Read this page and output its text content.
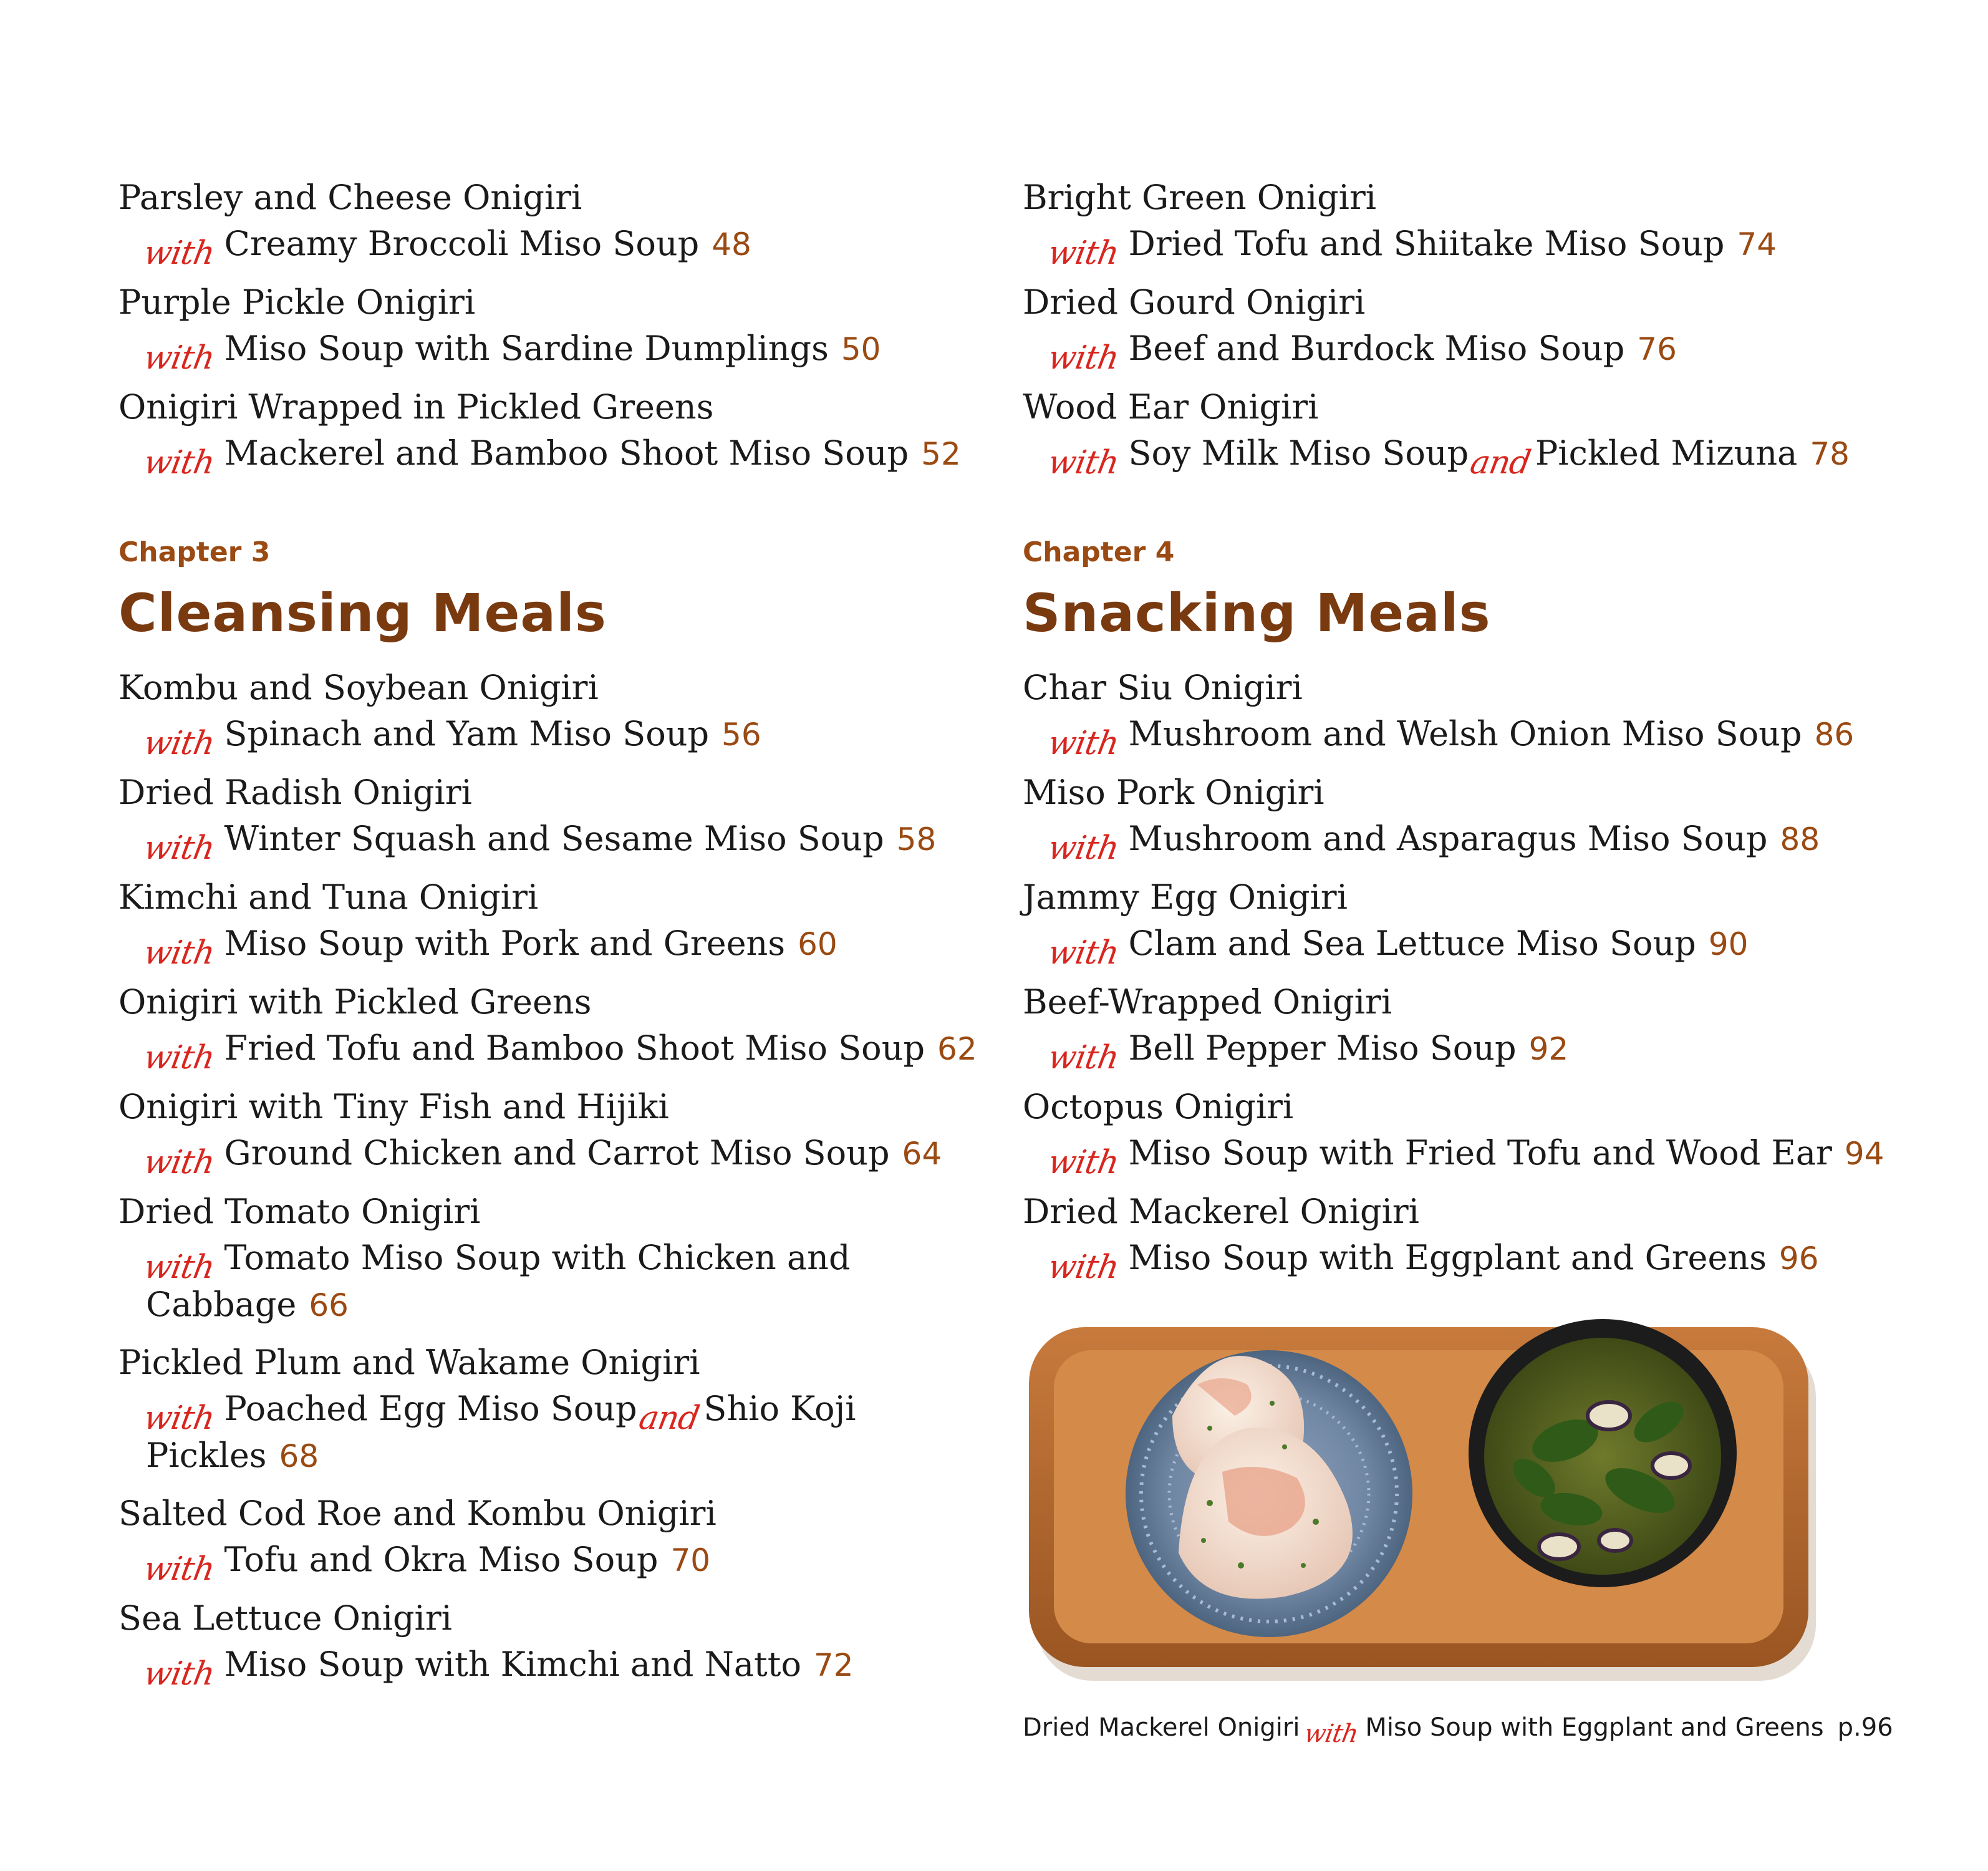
Parsley and Cheese Onigiri
with Creamy Broccoli Miso Soup 48
Purple Pickle Onigiri
with Miso Soup with Sardine Dumplings 50
Onigiri Wrapped in Pickled Greens
with Mackerel and Bamboo Shoot Miso Soup 52
Chapter 3
Cleansing Meals
Kombu and Soybean Onigiri
with Spinach and Yam Miso Soup 56
Dried Radish Onigiri
with Winter Squash and Sesame Miso Soup 58
Kimchi and Tuna Onigiri
with Miso Soup with Pork and Greens 60
Onigiri with Pickled Greens
with Fried Tofu and Bamboo Shoot Miso Soup 62
Onigiri with Tiny Fish and Hijiki
with Ground Chicken and Carrot Miso Soup 64
Dried Tomato Onigiri
with Tomato Miso Soup with Chicken and
Cabbage 66
Pickled Plum and Wakame Onigiri
with Poached Egg Miso SoupandShio Koji
Pickles 68
Salted Cod Roe and Kombu Onigiri
with Tofu and Okra Miso Soup 70
Sea Lettuce Onigiri
with Miso Soup with Kimchi and Natto 72
Bright Green Onigiri
with Dried Tofu and Shiitake Miso Soup 74
Dried Gourd Onigiri
with Beef and Burdock Miso Soup 76
Wood Ear Onigiri
with Soy Milk Miso SoupandPickled Mizuna 78
Chapter 4
Snacking Meals
Char Siu Onigiri
with Mushroom and Welsh Onion Miso Soup 86
Miso Pork Onigiri
with Mushroom and Asparagus Miso Soup 88
Jammy Egg Onigiri
with Clam and Sea Lettuce Miso Soup 90
Beef-Wrapped Onigiri
with Bell Pepper Miso Soup 92
Octopus Onigiri
with Miso Soup with Fried Tofu and Wood Ear 94
Dried Mackerel Onigiri
with Miso Soup with Eggplant and Greens 96
Dried Mackerel Onigiri with Miso Soup with Eggplant and Greens p.96
